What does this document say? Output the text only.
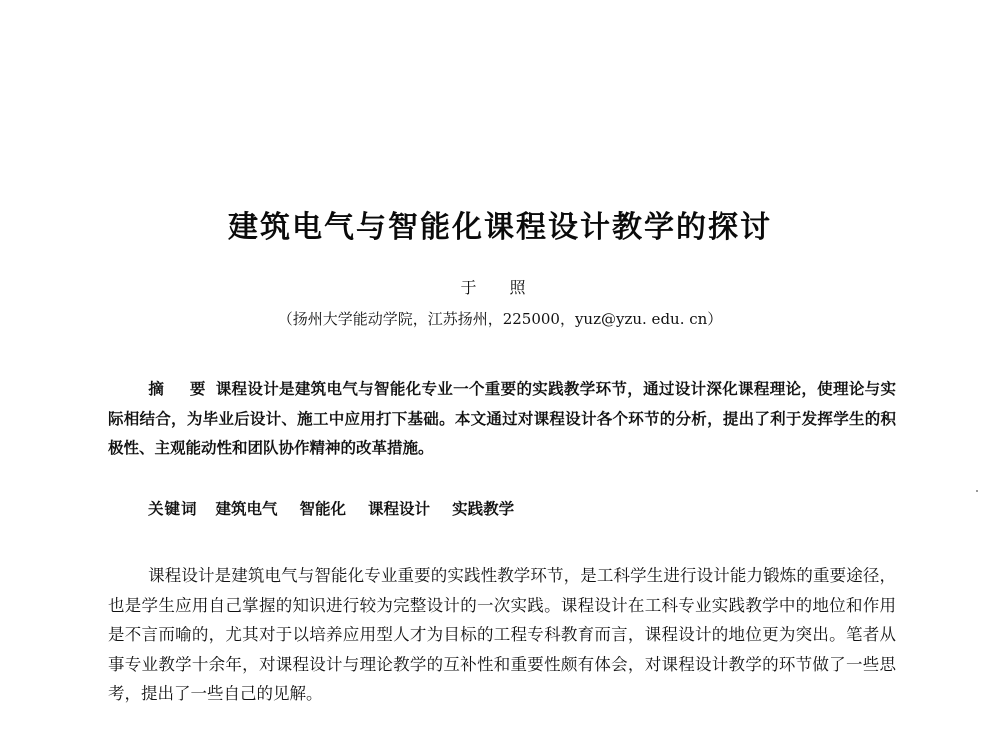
建筑电气与智能化课程设计教学的探讨
于 照
（扬州大学能动学院，江苏扬州，225000，yuz@yzu. edu. cn）
摘 要课程设计是建筑电气与智能化专业一个重要的实践教学环节，通过设计深化课程理论，使理论与实际相结合，为毕业后设计、施工中应用打下基础。本文通过对课程设计各个环节的分析，提出了利于发挥学生的积极性、主观能动性和团队协作精神的改革措施。
关键词 建筑电气 智能化 课程设计 实践教学
课程设计是建筑电气与智能化专业重要的实践性教学环节，是工科学生进行设计能力锻炼的重要途径，也是学生应用自己掌握的知识进行较为完整设计的一次实践。课程设计在工科专业实践教学中的地位和作用是不言而喻的，尤其对于以培养应用型人才为目标的工程专科教育而言，课程设计的地位更为突出。笔者从事专业教学十余年，对课程设计与理论教学的互补性和重要性颇有体会，对课程设计教学的环节做了一些思考，提出了一些自己的见解。
